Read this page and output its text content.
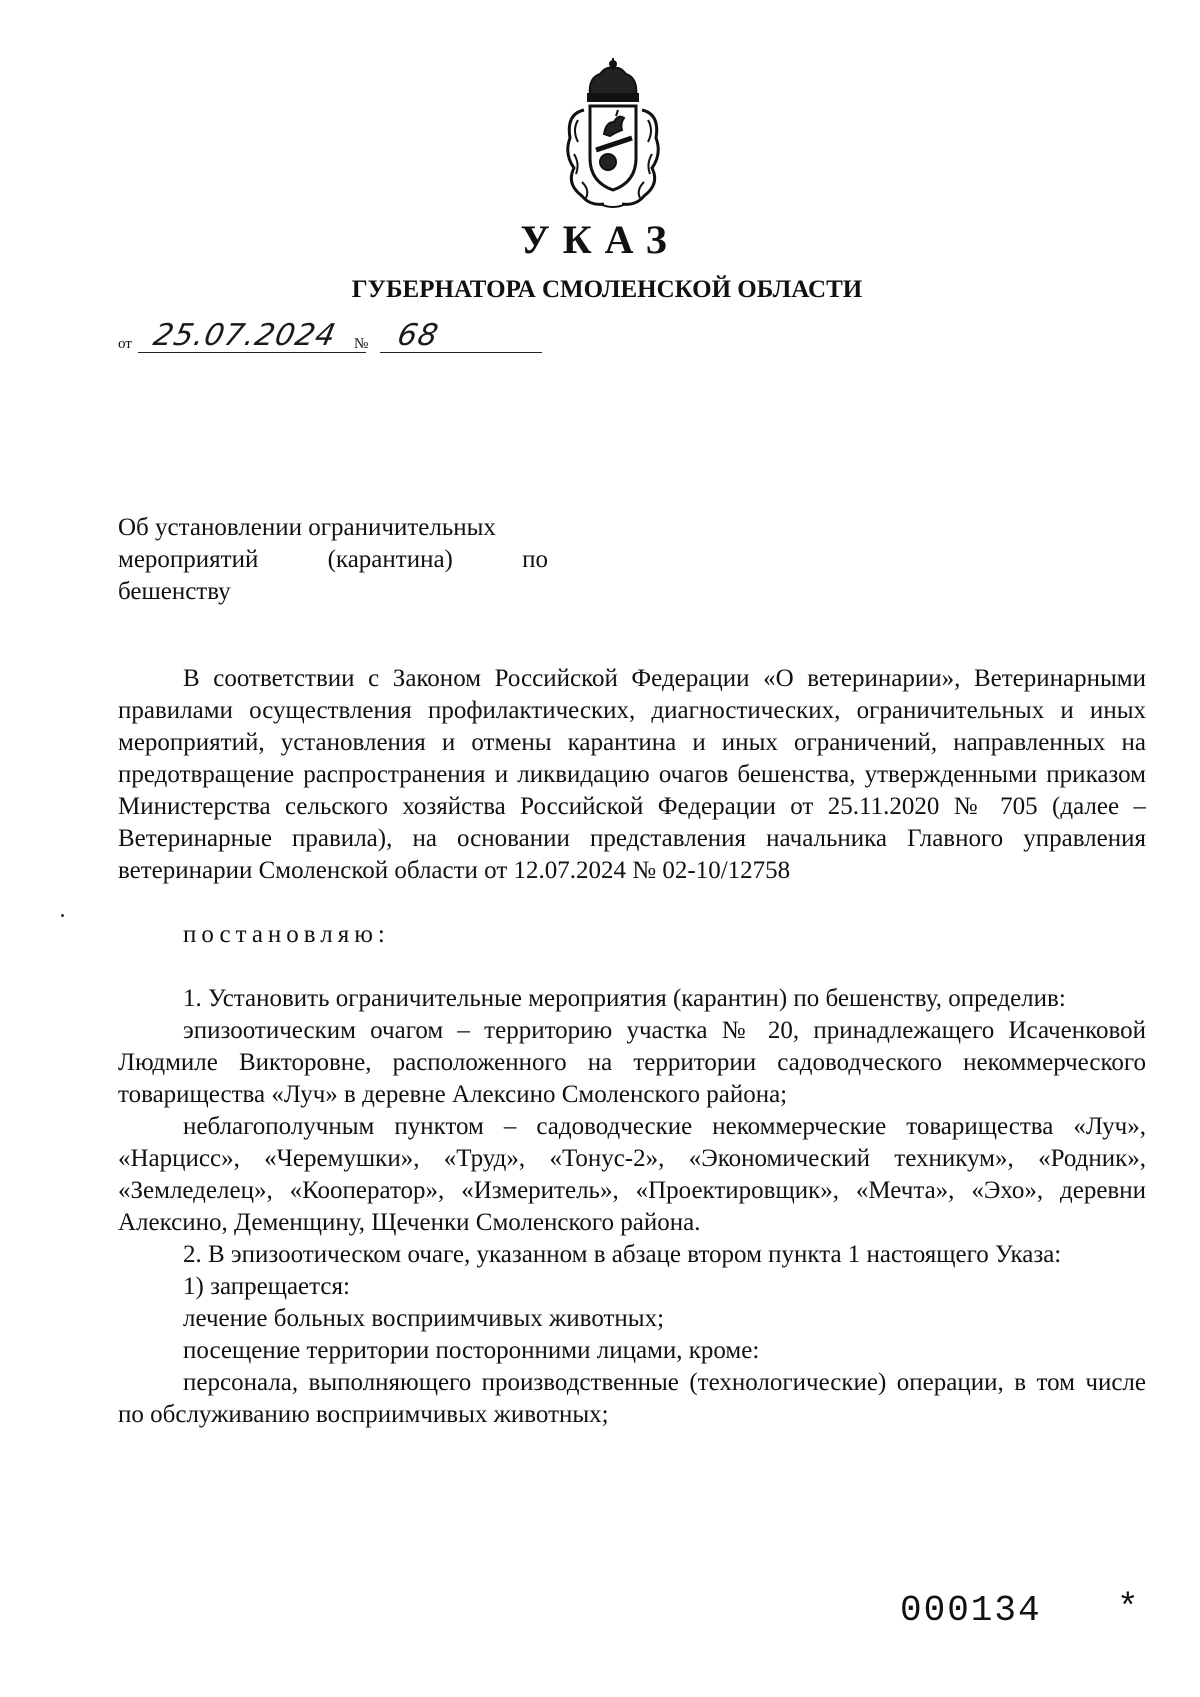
УКАЗ
ГУБЕРНАТОРА СМОЛЕНСКОЙ ОБЛАСТИ
от 25.07.2024 № 68
Об установлении ограничительных
мероприятий (карантина) по
бешенству

В соответствии с Законом Российской Федерации «О ветеринарии», Ветеринарными правилами осуществления профилактических, диагностических, ограничительных и иных мероприятий, установления и отмены карантина и иных ограничений, направленных на предотвращение распространения и ликвидацию очагов бешенства, утвержденными приказом Министерства сельского хозяйства Российской Федерации от 25.11.2020 № 705 (далее – Ветеринарные правила), на основании представления начальника Главного управления ветеринарии Смоленской области от 12.07.2024 № 02-10/12758

постановляю:

1. Установить ограничительные мероприятия (карантин) по бешенству, определив:

эпизоотическим очагом – территорию участка № 20, принадлежащего Исаченковой Людмиле Викторовне, расположенного на территории садоводческого некоммерческого товарищества «Луч» в деревне Алексино Смоленского района;

неблагополучным пунктом – садоводческие некоммерческие товарищества «Луч», «Нарцисс», «Черемушки», «Труд», «Тонус-2», «Экономический техникум», «Родник», «Земледелец», «Кооператор», «Измеритель», «Проектировщик», «Мечта», «Эхо», деревни Алексино, Деменщину, Щеченки Смоленского района.

2. В эпизоотическом очаге, указанном в абзаце втором пункта 1 настоящего Указа:

1) запрещается:

лечение больных восприимчивых животных;

посещение территории посторонними лицами, кроме:

персонала, выполняющего производственные (технологические) операции, в том числе по обслуживанию восприимчивых животных;

000134 *
